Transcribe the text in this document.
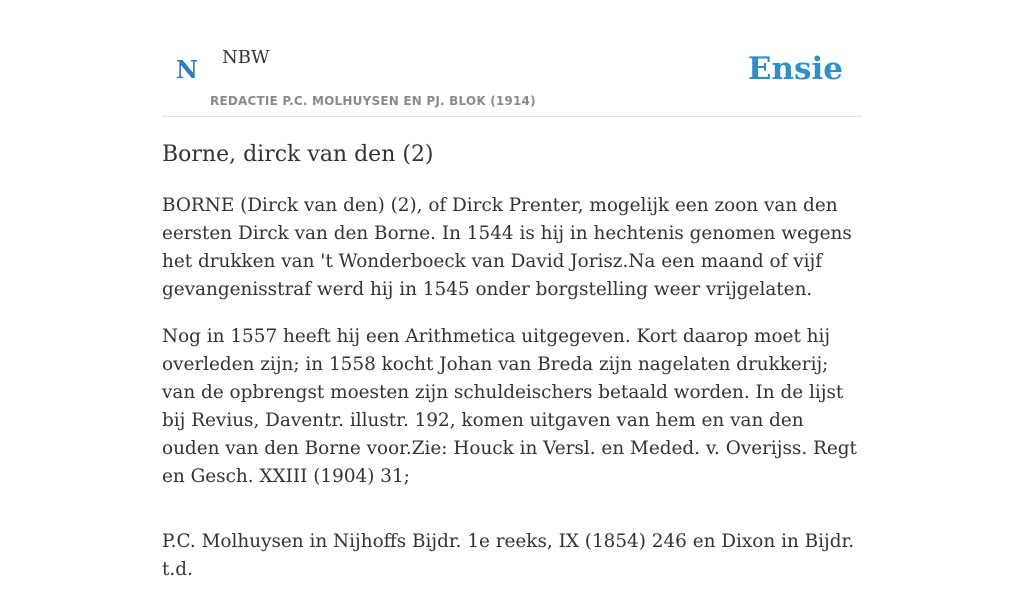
N NBW
REDACTIE P.C. MOLHUYSEN EN PJ. BLOK (1914)
Ensie
Borne, dirck van den (2)

BORNE (Dirck van den) (2), of Dirck Prenter, mogelijk een zoon van den eersten Dirck van den Borne. In 1544 is hij in hechtenis genomen wegens het drukken van 't Wonderboeck van David Jorisz.Na een maand of vijf gevangenisstraf werd hij in 1545 onder borgstelling weer vrijgelaten.

Nog in 1557 heeft hij een Arithmetica uitgegeven. Kort daarop moet hij overleden zijn; in 1558 kocht Johan van Breda zijn nagelaten drukkerij; van de opbrengst moesten zijn schuldeischers betaald worden. In de lijst bij Revius, Daventr. illustr. 192, komen uitgaven van hem en van den ouden van den Borne voor.Zie: Houck in Versl. en Meded. v. Overijss. Regt en Gesch. XXIII (1904) 31;

P.C. Molhuysen in Nijhoffs Bijdr. 1e reeks, IX (1854) 246 en Dixon in Bijdr. t.d.
